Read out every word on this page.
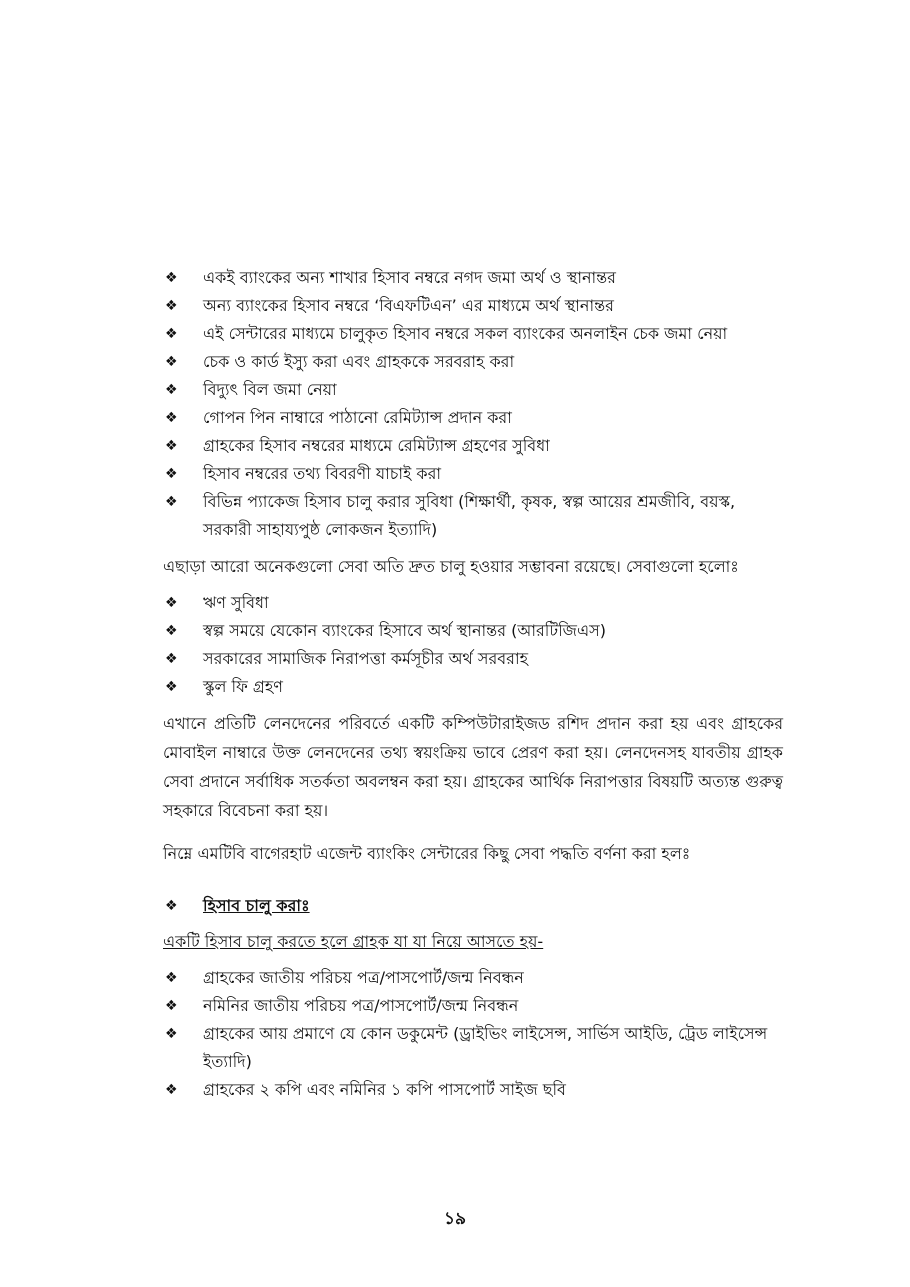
❖ একই ব্যাংকের অন্য শাখার হিসাব নম্বরে নগদ জমা অর্থ ও স্থানান্তর
❖ অন্য ব্যাংকের হিসাব নম্বরে ‘বিএফটিএন’ এর মাধ্যমে অর্থ স্থানান্তর
❖ এই সেন্টারের মাধ্যমে চালুকৃত হিসাব নম্বরে সকল ব্যাংকের অনলাইন চেক জমা নেয়া
❖ চেক ও কার্ড ইস্যু করা এবং গ্রাহককে সরবরাহ করা
❖ বিদ্যুৎ বিল জমা নেয়া
❖ গোপন পিন নাম্বারে পাঠানো রেমিট্যান্স প্রদান করা
❖ গ্রাহকের হিসাব নম্বরের মাধ্যমে রেমিট্যান্স গ্রহণের সুবিধা
❖ হিসাব নম্বরের তথ্য বিবরণী যাচাই করা
❖ বিভিন্ন প্যাকেজ হিসাব চালু করার সুবিধা (শিক্ষার্থী, কৃষক, স্বল্প আয়ের শ্রমজীবি, বয়স্ক, সরকারী সাহায্যপুষ্ঠ লোকজন ইত্যাদি)

এছাড়া আরো অনেকগুলো সেবা অতি দ্রুত চালু হওয়ার সম্ভাবনা রয়েছে। সেবাগুলো হলোঃ

❖ ঋণ সুবিধা
❖ স্বল্প সময়ে যেকোন ব্যাংকের হিসাবে অর্থ স্থানান্তর (আরটিজিএস)
❖ সরকারের সামাজিক নিরাপত্তা কর্মসূচীর অর্থ সরবরাহ
❖ স্কুল ফি গ্রহণ

এখানে প্রতিটি লেনদেনের পরিবর্তে একটি কম্পিউটারাইজড রশিদ প্রদান করা হয় এবং গ্রাহকের মোবাইল নাম্বারে উক্ত লেনদেনের তথ্য স্বয়ংক্রিয় ভাবে প্রেরণ করা হয়। লেনদেনসহ যাবতীয় গ্রাহক সেবা প্রদানে সর্বাধিক সতর্কতা অবলম্বন করা হয়। গ্রাহকের আর্থিক নিরাপত্তার বিষয়টি অত্যন্ত গুরুত্ব সহকারে বিবেচনা করা হয়।

নিম্নে এমটিবি বাগেরহাট এজেন্ট ব্যাংকিং সেন্টারের কিছু সেবা পদ্ধতি বর্ণনা করা হলঃ

❖ হিসাব চালু করাঃ

একটি হিসাব চালু করতে হলে গ্রাহক যা যা নিয়ে আসতে হয়-

❖ গ্রাহকের জাতীয় পরিচয় পত্র/পাসপোর্ট/জন্ম নিবন্ধন
❖ নমিনির জাতীয় পরিচয় পত্র/পাসপোর্ট/জন্ম নিবন্ধন
❖ গ্রাহকের আয় প্রমাণে যে কোন ডকুমেন্ট (ড্রাইভিং লাইসেন্স, সার্ভিস আইডি, ট্রেড লাইসেন্স ইত্যাদি)
❖ গ্রাহকের ২ কপি এবং নমিনির ১ কপি পাসপোর্ট সাইজ ছবি
১৯
